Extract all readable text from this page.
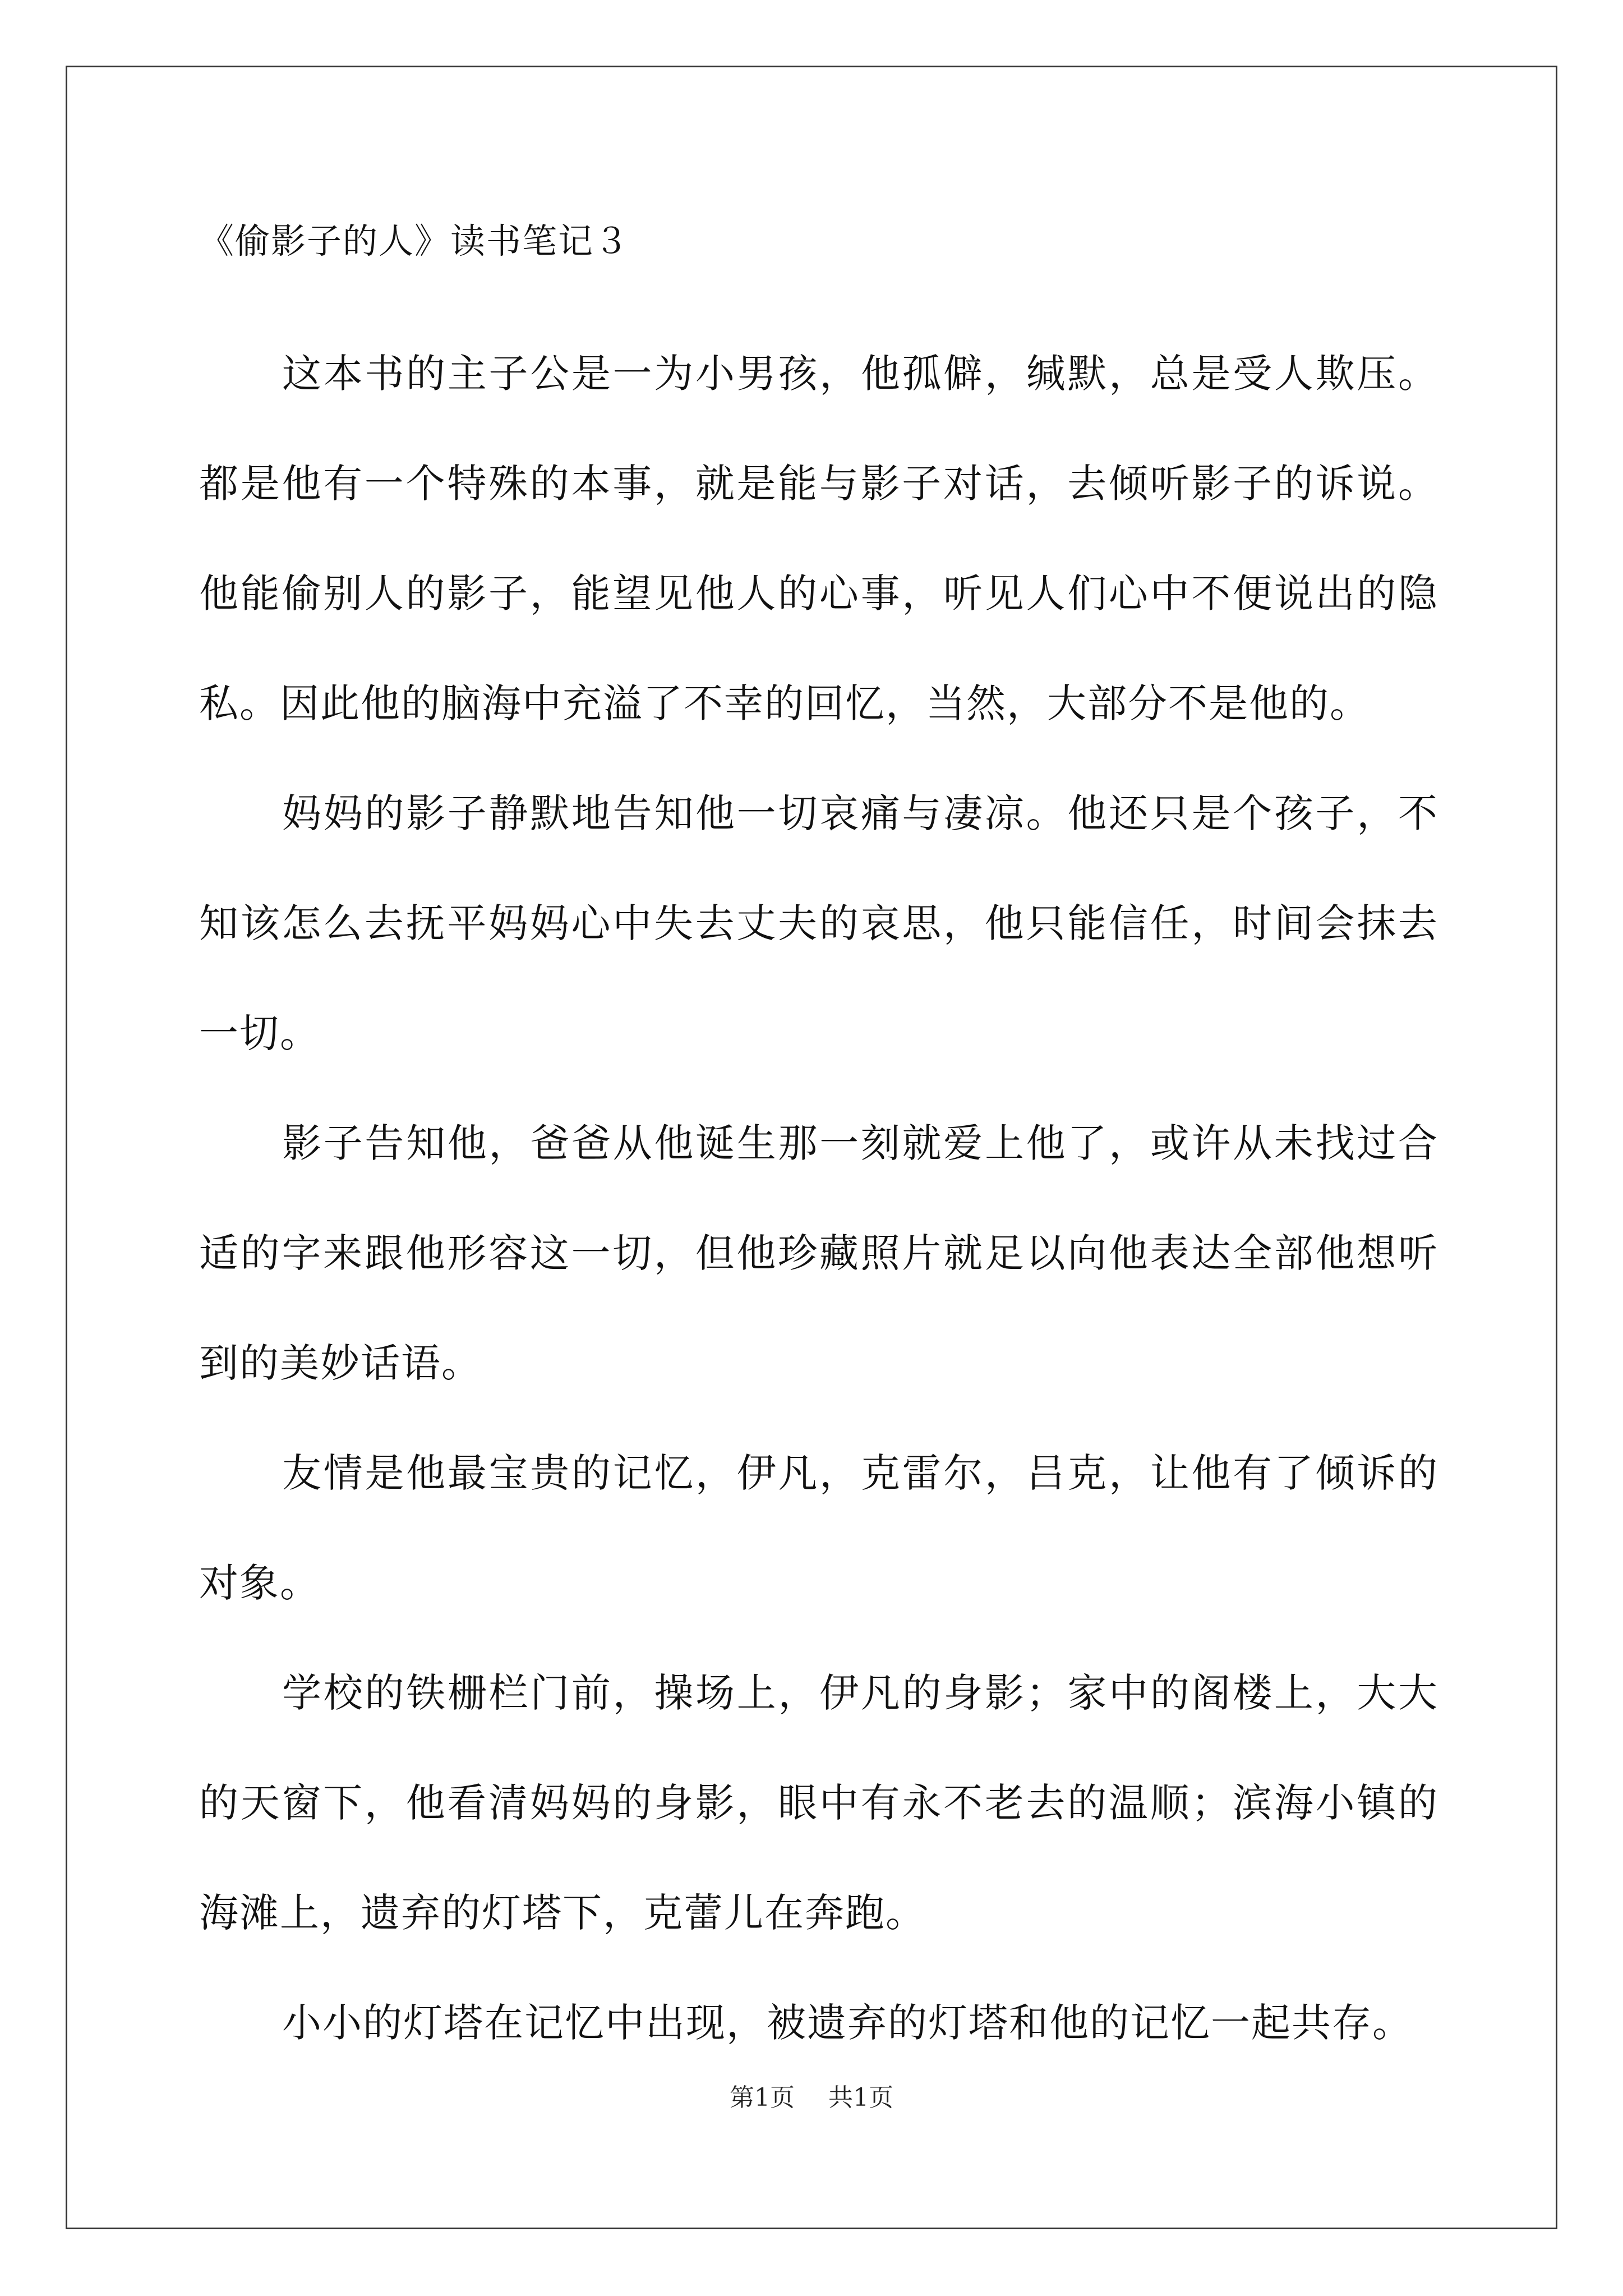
《偷影子的人》读书笔记３

这本书的主子公是一为小男孩，他孤僻，缄默，总是受人欺压。都是他有一个特殊的本事，就是能与影子对话，去倾听影子的诉说。他能偷别人的影子，能望见他人的心事，听见人们心中不便说出的隐私。因此他的脑海中充溢了不幸的回忆，当然，大部分不是他的。

妈妈的影子静默地告知他一切哀痛与凄凉。他还只是个孩子，不知该怎么去抚平妈妈心中失去丈夫的哀思，他只能信任，时间会抹去一切。

影子告知他，爸爸从他诞生那一刻就爱上他了，或许从未找过合适的字来跟他形容这一切，但他珍藏照片就足以向他表达全部他想听到的美妙话语。

友情是他最宝贵的记忆，伊凡，克雷尔，吕克，让他有了倾诉的对象。

学校的铁栅栏门前，操场上，伊凡的身影；家中的阁楼上，大大的天窗下，他看清妈妈的身影，眼中有永不老去的温顺；滨海小镇的海滩上，遗弃的灯塔下，克蕾儿在奔跑。

小小的灯塔在记忆中出现，被遗弃的灯塔和他的记忆一起共存。

第1页 共1页
